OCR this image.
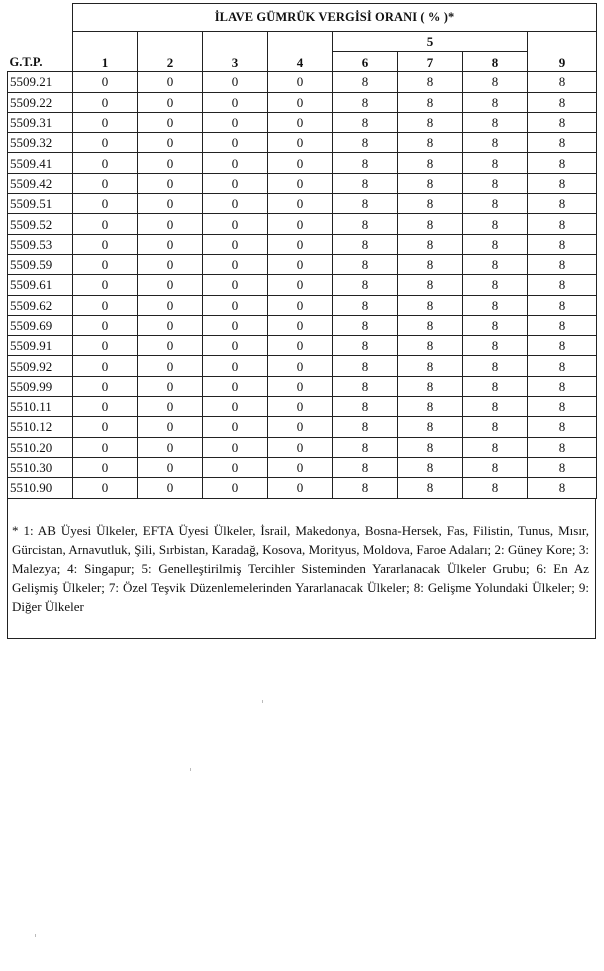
G.T.P.	İLAVE GÜMRÜK VERGİSİ ORANI ( % )*							
	1	2	3	4	5			9
					6	7	8	
5509.21	0	0	0	0	8	8	8	8
5509.22	0	0	0	0	8	8	8	8
5509.31	0	0	0	0	8	8	8	8
5509.32	0	0	0	0	8	8	8	8
5509.41	0	0	0	0	8	8	8	8
5509.42	0	0	0	0	8	8	8	8
5509.51	0	0	0	0	8	8	8	8
5509.52	0	0	0	0	8	8	8	8
5509.53	0	0	0	0	8	8	8	8
5509.59	0	0	0	0	8	8	8	8
5509.61	0	0	0	0	8	8	8	8
5509.62	0	0	0	0	8	8	8	8
5509.69	0	0	0	0	8	8	8	8
5509.91	0	0	0	0	8	8	8	8
5509.92	0	0	0	0	8	8	8	8
5509.99	0	0	0	0	8	8	8	8
5510.11	0	0	0	0	8	8	8	8
5510.12	0	0	0	0	8	8	8	8
5510.20	0	0	0	0	8	8	8	8
5510.30	0	0	0	0	8	8	8	8
5510.90	0	0	0	0	8	8	8	8
* 1: AB Üyesi Ülkeler, EFTA Üyesi Ülkeler, İsrail, Makedonya, Bosna-Hersek, Fas, Filistin, Tunus, Mısır, Gürcistan, Arnavutluk, Şili, Sırbistan, Karadağ, Kosova, Morityus, Moldova, Faroe Adaları; 2: Güney Kore; 3: Malezya; 4: Singapur; 5: Genelleştirilmiş Tercihler Sisteminden Yararlanacak Ülkeler Grubu; 6: En Az Gelişmiş Ülkeler; 7: Özel Teşvik Düzenlemelerinden Yararlanacak Ülkeler; 8: Gelişme Yolundaki Ülkeler; 9: Diğer Ülkeler
